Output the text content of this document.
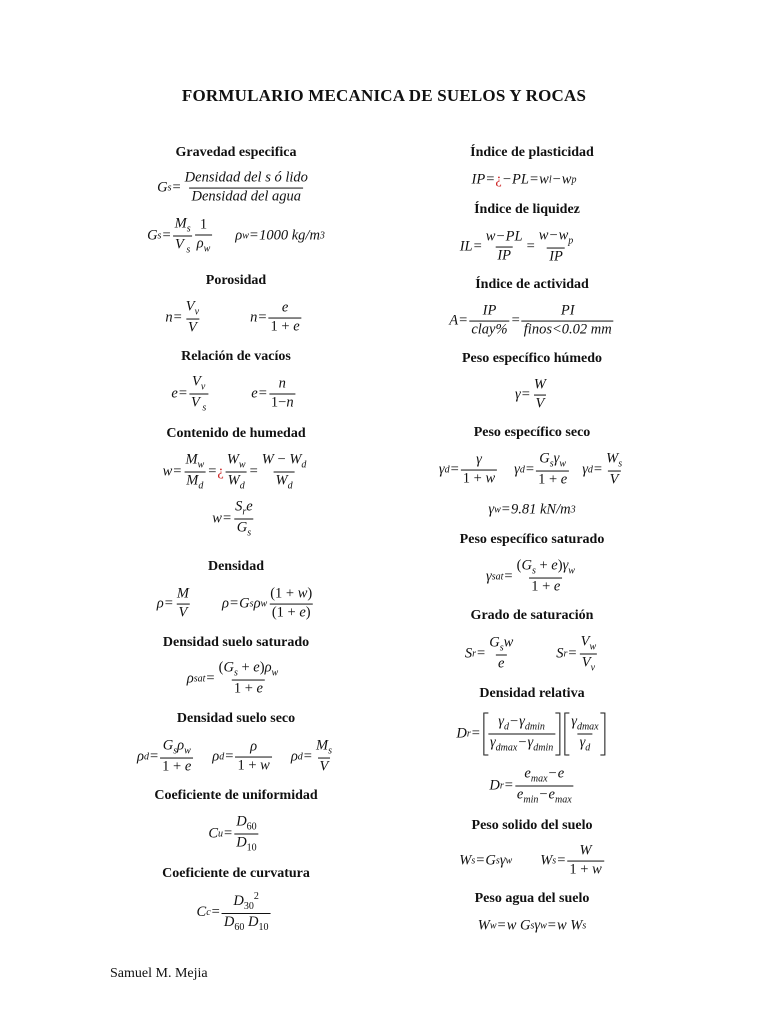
FORMULARIO MECANICA DE SUELOS Y ROCAS
Gravedad especifica
G $s = \frac{\text{Densidad del s ó lido}}{\text{Densidad del agua}}$
G $s = \frac{M_s}{V _s} \frac{1}{\rho_w}$ ρ w = 1000 kg/m 3
Porosidad
$n = \frac{V_v}{V}$	$n = \frac{e}{1 + e}$
Relación de vacíos
$e = \frac{V_v}{V _s}$	$e = \frac{n}{1-n}$
Contenido de humedad
$w = \frac{M_w}{M_d}$ = ¿ $\frac{W_w}{W_d} = \frac{W - W_d}{W_d}$
$w = \frac{S_re}{G_s}$
Densidad
$\rho = \frac{M}{V}$ ρ = G s ρ w $\frac{(1 + w)}{(1 + e)}$
Densidad suelo saturado
ρ sat = $\frac{(G_s + e)\rho_w}{1 + e}$
Densidad suelo seco
ρ $d = \frac{G_s\rho_w}{1 + e}$ ρ $d = \frac{\rho}{1 + w}$ ρ $d = \frac{M_s}{V}$
Coeficiente de uniformidad
C $u = \frac{D_{60}}{D_{10}}$
Coeficiente de curvatura
C $c = \frac{D_{30}^2}{D_{60} D_{10}}$
Índice de plasticidad
IP = ¿ − PL = w l − w p
Índice de liquidez
IL = $\frac{w-PL}{IP} = \frac{w-w_p}{IP}$
Índice de actividad
$A = \frac{IP}{\text{clay\%}} = \frac{PI}{\text{finos<0.02 mm}}$
Peso específico húmedo
$\gamma = \frac{W}{V}$
Peso específico seco
γ $d = \frac{\gamma}{1 + w}$ γ $d = \frac{G_s\gamma_w}{1 + e}$ γ $d = \frac{W_s}{V}$
γ w = 9.81 kN/m 3
Peso específico saturado
γ sat = $\frac{(G_s + e)\gamma_w}{1 + e}$
Grado de saturación
S $r = \frac{G_sw}{e}$	S $r = \frac{V_w}{V_v}$
Densidad relativa
D $r = \frac{\gamma_d-\gamma_{dmin}}{\gamma_{dmax}-\gamma_{dmin}} \frac{\gamma_{dmax}}{\gamma_d}$
D $r = \frac{e_{max}-e}{e_{min}-e_{max}}$
Peso solido del suelo
W s = G s γ w W $s = \frac{W}{1 + w}$
Peso agua del suelo
W w = w G s γ w = w W s
Samuel M. Mejia
